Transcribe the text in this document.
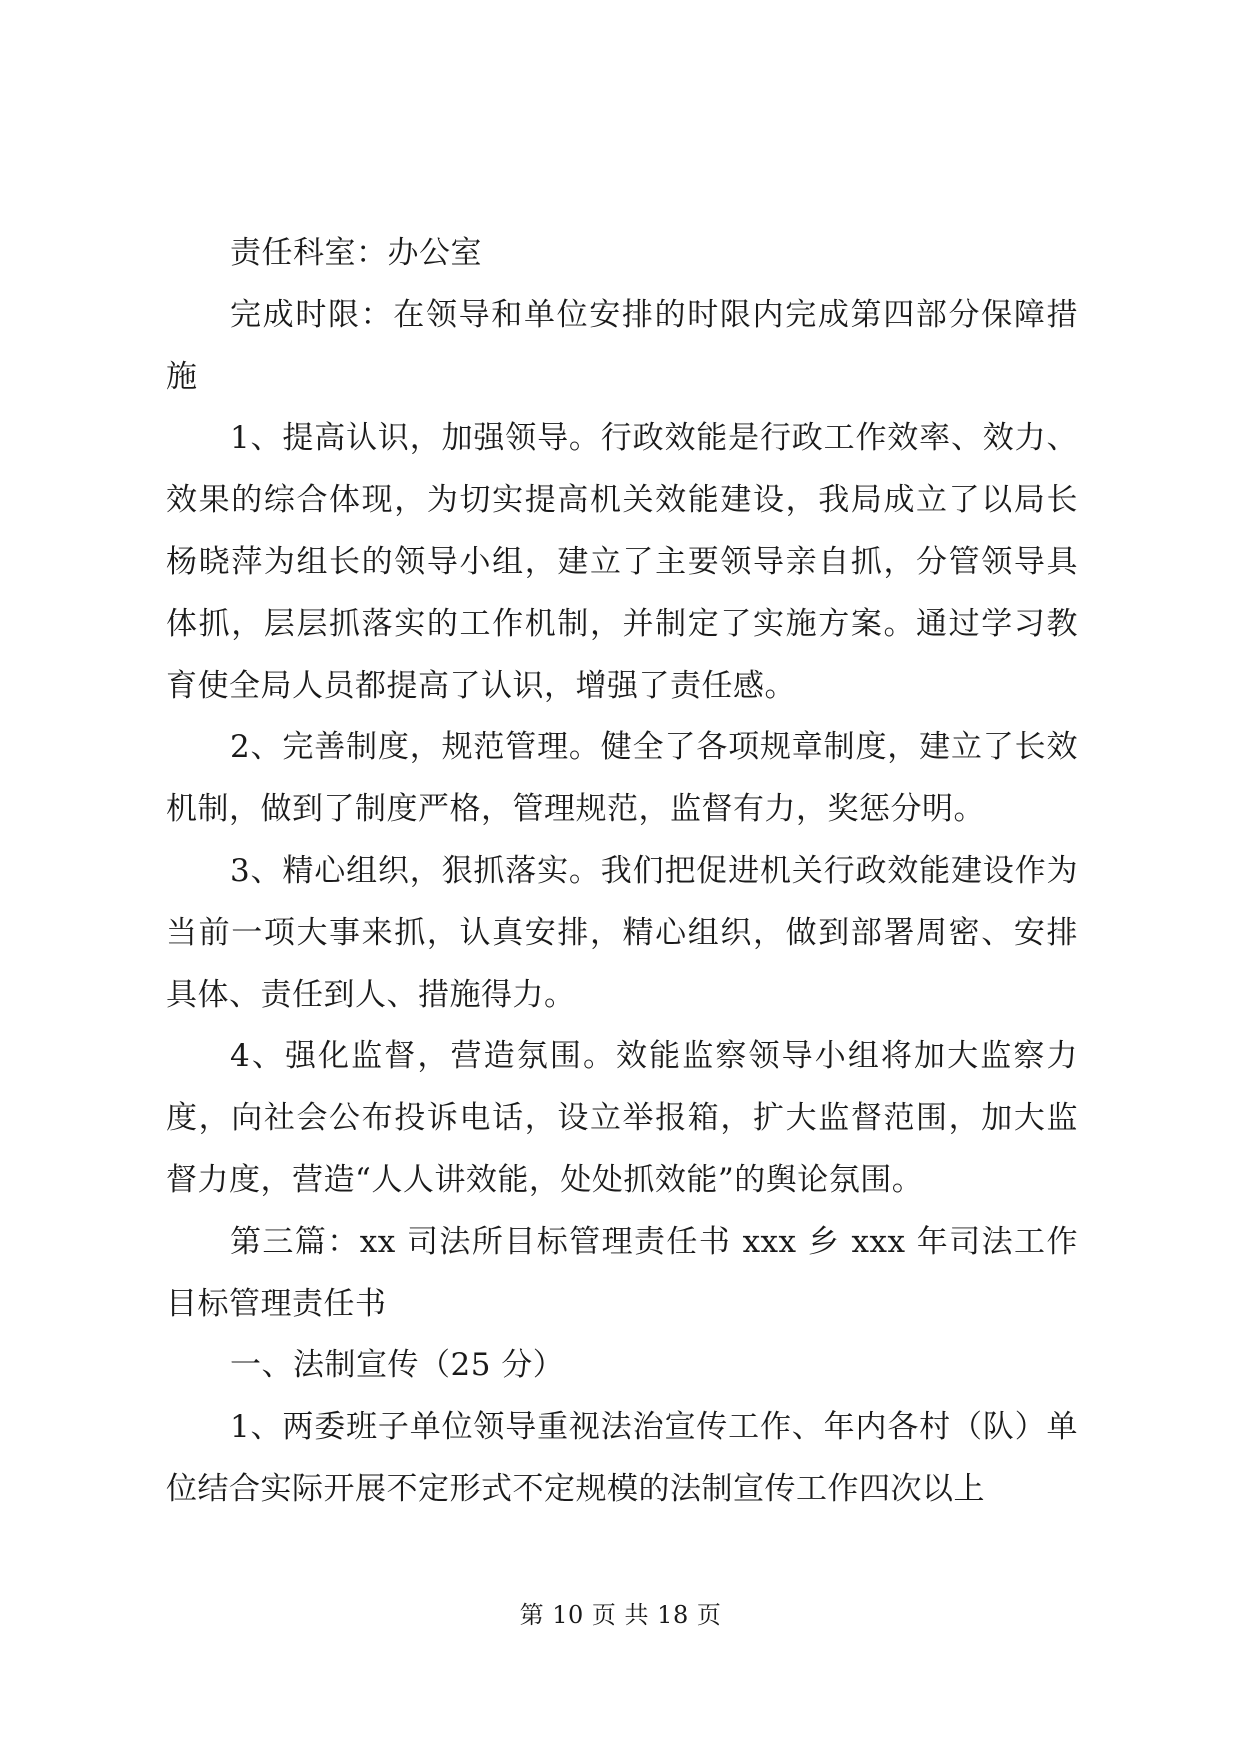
责任科室：办公室

完成时限：在领导和单位安排的时限内完成第四部分保障措施

1、提高认识，加强领导。行政效能是行政工作效率、效力、效果的综合体现，为切实提高机关效能建设，我局成立了以局长杨晓萍为组长的领导小组，建立了主要领导亲自抓，分管领导具体抓，层层抓落实的工作机制，并制定了实施方案。通过学习教育使全局人员都提高了认识，增强了责任感。

2、完善制度，规范管理。健全了各项规章制度，建立了长效机制，做到了制度严格，管理规范，监督有力，奖惩分明。

3、精心组织，狠抓落实。我们把促进机关行政效能建设作为当前一项大事来抓，认真安排，精心组织，做到部署周密、安排具体、责任到人、措施得力。

4、强化监督，营造氛围。效能监察领导小组将加大监察力度，向社会公布投诉电话，设立举报箱，扩大监督范围，加大监督力度，营造“人人讲效能，处处抓效能”的舆论氛围。

第三篇：xx 司法所目标管理责任书 xxx 乡 xxx 年司法工作目标管理责任书

一、法制宣传（25 分）

1、两委班子单位领导重视法治宣传工作、年内各村（队）单位结合实际开展不定形式不定规模的法制宣传工作四次以上

第 10 页 共 18 页
